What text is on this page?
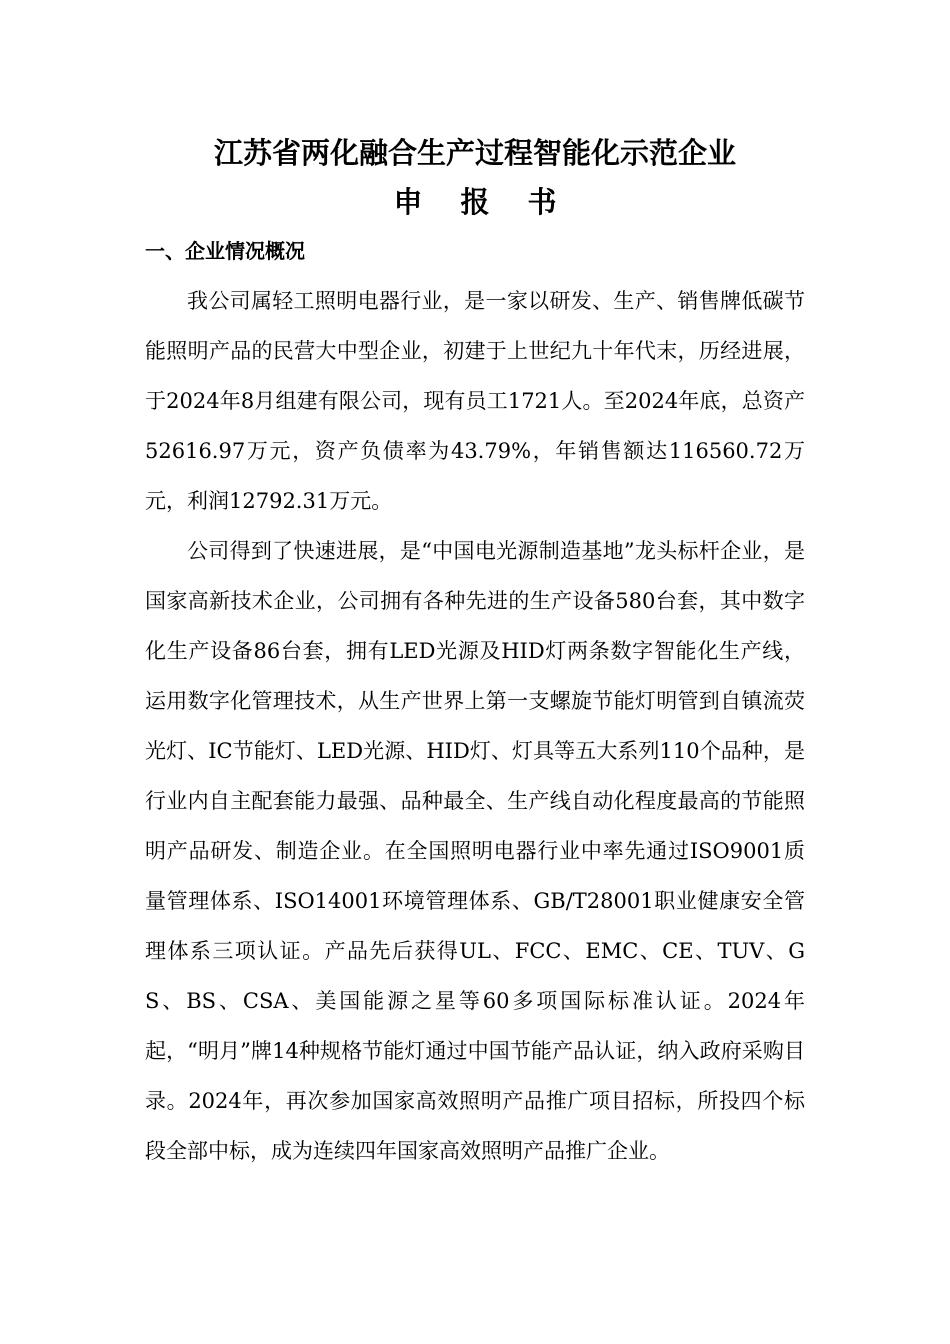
江苏省两化融合生产过程智能化示范企业
申报书
一、企业情况概况

我公司属轻工照明电器行业，是一家以研发、生产、销售牌低碳节能照明产品的民营大中型企业，初建于上世纪九十年代末，历经进展，于2024年8月组建有限公司，现有员工1721人。至2024年底，总资产52616.97万元，资产负债率为43.79%，年销售额达116560.72万元，利润12792.31万元。

公司得到了快速进展，是“中国电光源制造基地”龙头标杆企业，是国家高新技术企业，公司拥有各种先进的生产设备580台套，其中数字化生产设备86台套，拥有LED光源及HID灯两条数字智能化生产线，运用数字化管理技术，从生产世界上第一支螺旋节能灯明管到自镇流荧光灯、IC节能灯、LED光源、HID灯、灯具等五大系列110个品种，是行业内自主配套能力最强、品种最全、生产线自动化程度最高的节能照明产品研发、制造企业。在全国照明电器行业中率先通过ISO9001质量管理体系、ISO14001环境管理体系、GB/T28001职业健康安全管理体系三项认证。产品先后获得UL、FCC、EMC、CE、TUV、GS、BS、CSA、美国能源之星等60多项国际标准认证。2024年起，“明月”牌14种规格节能灯通过中国节能产品认证，纳入政府采购目录。2024年，再次参加国家高效照明产品推广项目招标，所投四个标段全部中标，成为连续四年国家高效照明产品推广企业。
